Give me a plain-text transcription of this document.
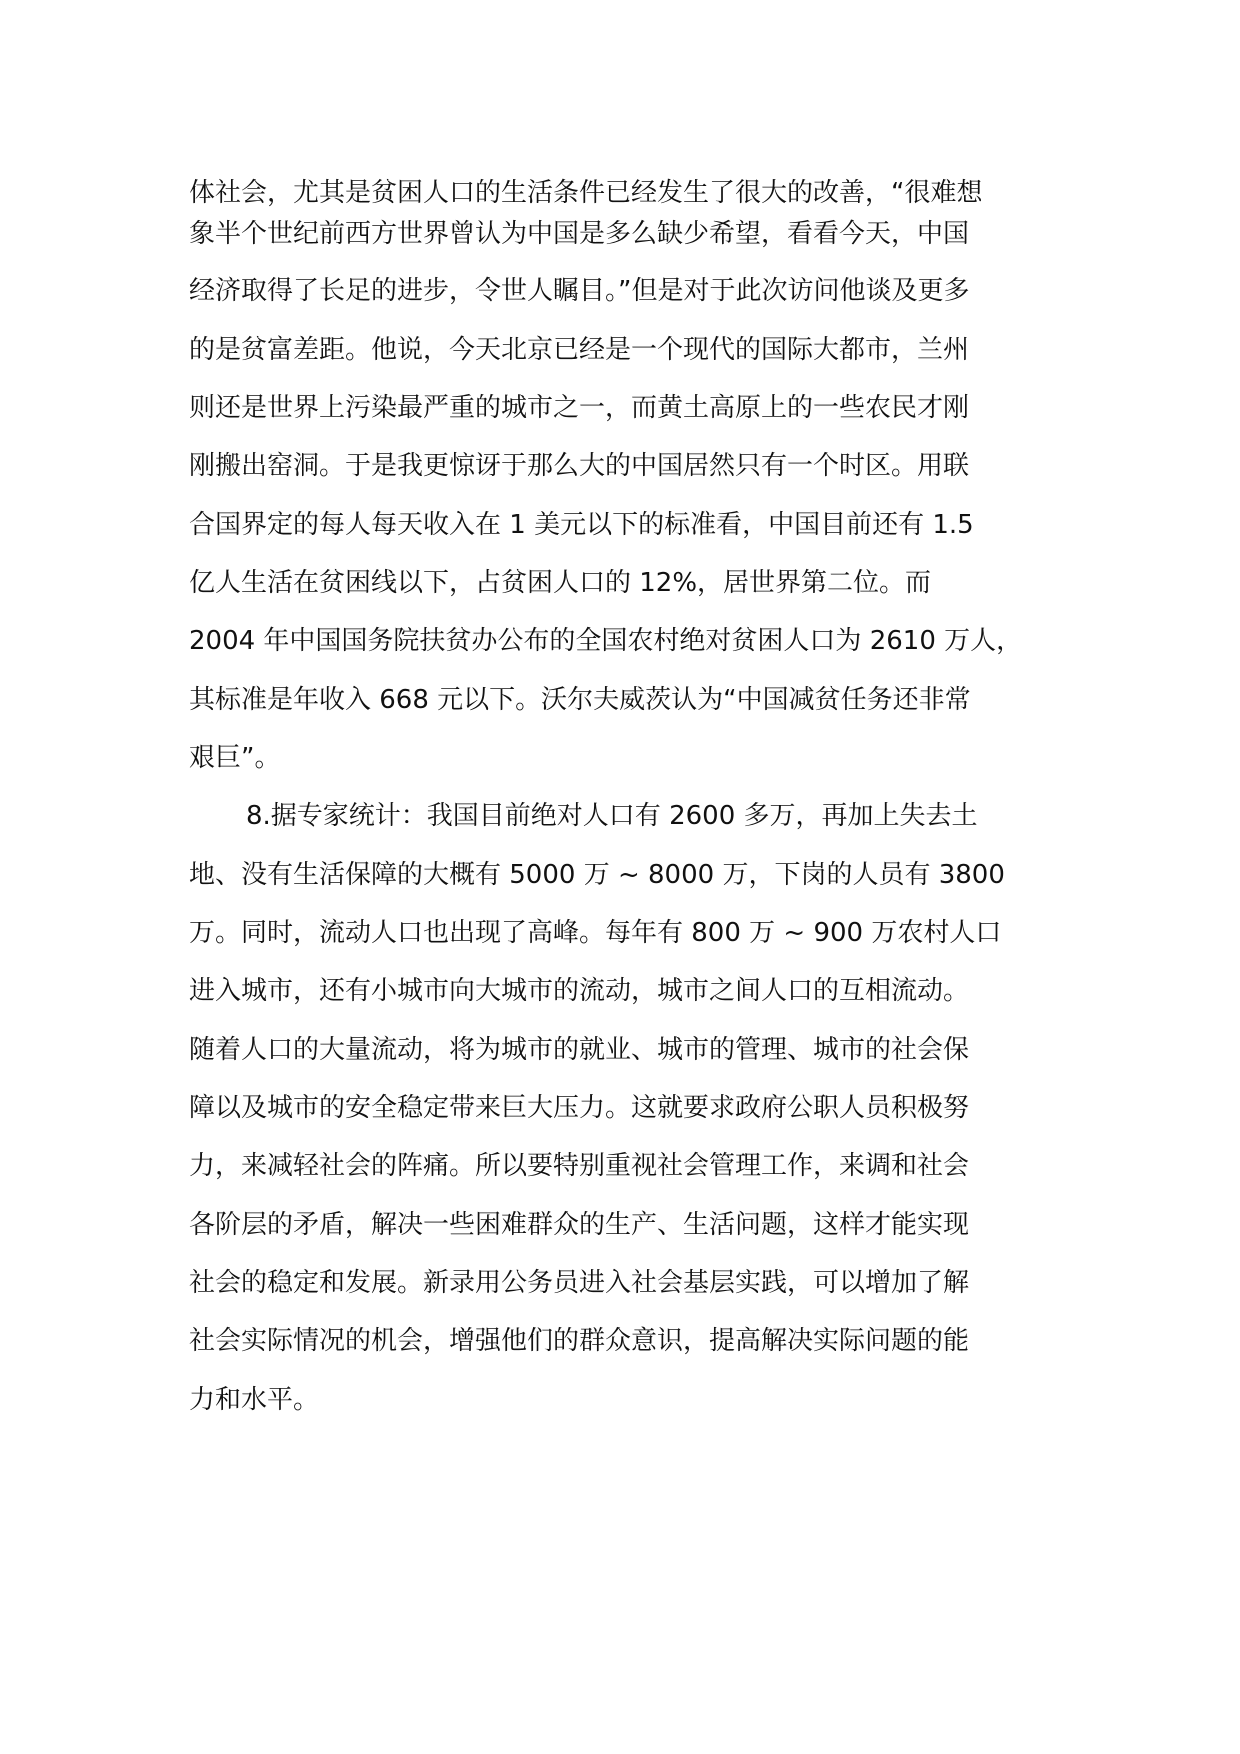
体社会，尤其是贫困人口的生活条件已经发生了很大的改善，“很难想
象半个世纪前西方世界曾认为中国是多么缺少希望，看看今天，中国
经济取得了长足的进步，令世人瞩目。”但是对于此次访问他谈及更多
的是贫富差距。他说，今天北京已经是一个现代的国际大都市，兰州
则还是世界上污染最严重的城市之一，而黄土高原上的一些农民才刚
刚搬出窑洞。于是我更惊讶于那么大的中国居然只有一个时区。用联
合国界定的每人每天收入在 1 美元以下的标准看，中国目前还有 1.5
亿人生活在贫困线以下，占贫困人口的 12%，居世界第二位。而
2004 年中国国务院扶贫办公布的全国农村绝对贫困人口为 2610 万人，
其标准是年收入 668 元以下。沃尔夫威茨认为“中国减贫任务还非常
艰巨”。
8.据专家统计：我国目前绝对人口有 2600 多万，再加上失去土
地、没有生活保障的大概有 5000 万 ~ 8000 万，下岗的人员有 3800
万。同时，流动人口也出现了高峰。每年有 800 万 ~ 900 万农村人口
进入城市，还有小城市向大城市的流动，城市之间人口的互相流动。
随着人口的大量流动，将为城市的就业、城市的管理、城市的社会保
障以及城市的安全稳定带来巨大压力。这就要求政府公职人员积极努
力，来减轻社会的阵痛。所以要特别重视社会管理工作，来调和社会
各阶层的矛盾，解决一些困难群众的生产、生活问题，这样才能实现
社会的稳定和发展。新录用公务员进入社会基层实践，可以增加了解
社会实际情况的机会，增强他们的群众意识，提高解决实际问题的能
力和水平。
